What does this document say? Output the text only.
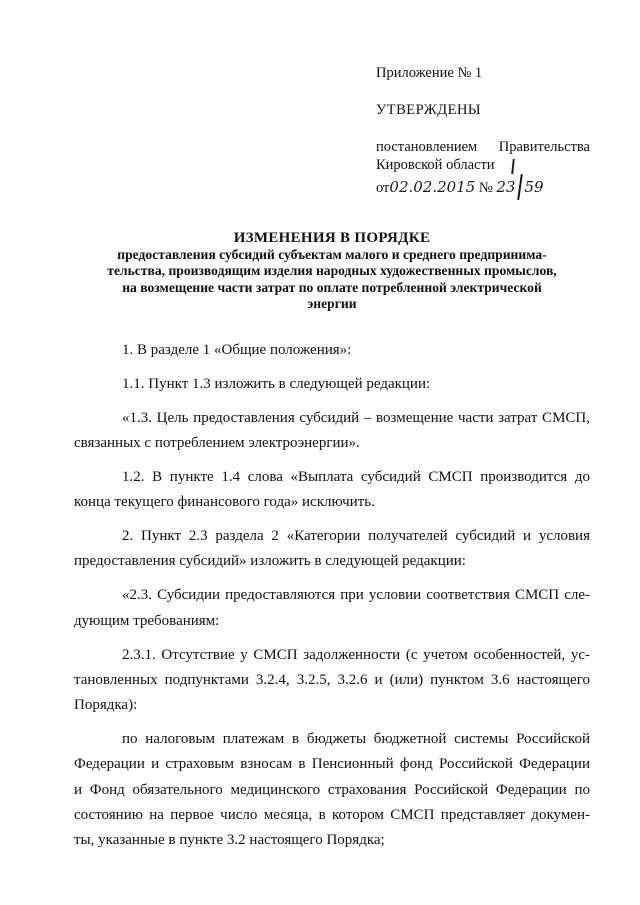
Приложение № 1
УТВЕРЖДЕНЫ
постановлением Правительства
Кировской области
от02.02.2015 № 23 59
ИЗМЕНЕНИЯ В ПОРЯДКЕ
предоставления субсидий субъектам малого и среднего предпринима-
тельства, производящим изделия народных художественных промыслов,
на возмещение части затрат по оплате потребленной электрической
энергии
1. В разделе 1 «Общие положения»:
1.1. Пункт 1.3 изложить в следующей редакции:
«1.3. Цель предоставления субсидий – возмещение части затрат СМСП,
связанных с потреблением электроэнергии».
1.2. В пункте 1.4 слова «Выплата субсидий СМСП производится до
конца текущего финансового года» исключить.
2. Пункт 2.3 раздела 2 «Категории получателей субсидий и условия
предоставления субсидий» изложить в следующей редакции:
«2.3. Субсидии предоставляются при условии соответствия СМСП сле-
дующим требованиям:
2.3.1. Отсутствие у СМСП задолженности (с учетом особенностей, ус-
тановленных подпунктами 3.2.4, 3.2.5, 3.2.6 и (или) пунктом 3.6 настоящего
Порядка):
по налоговым платежам в бюджеты бюджетной системы Российской
Федерации и страховым взносам в Пенсионный фонд Российской Федерации
и Фонд обязательного медицинского страхования Российской Федерации по
состоянию на первое число месяца, в котором СМСП представляет докумен-
ты, указанные в пункте 3.2 настоящего Порядка;
